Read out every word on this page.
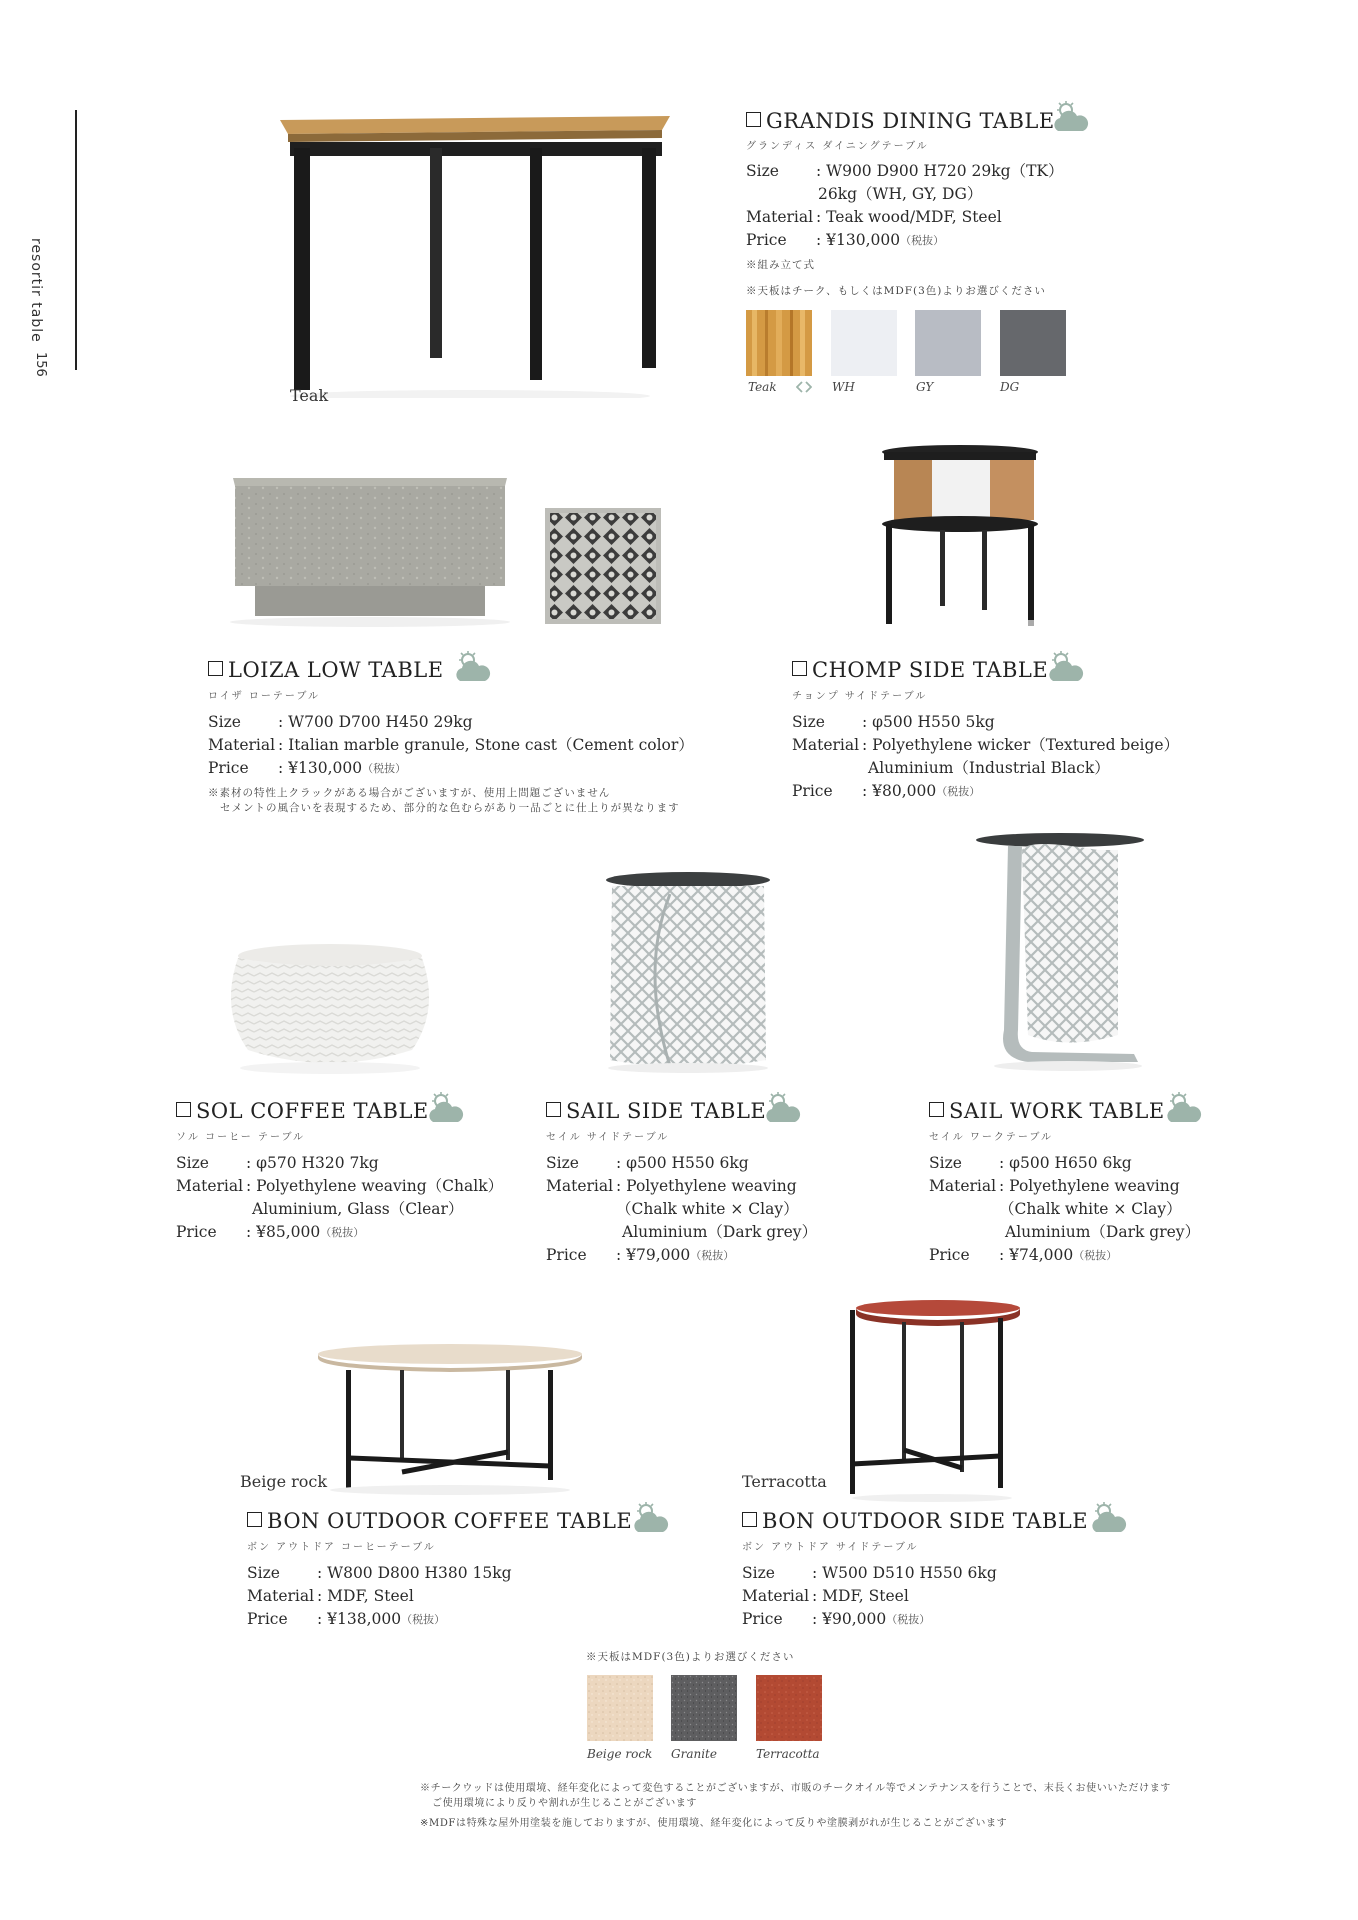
resortir table
156
Teak
GRANDIS DINING TABLE
グランディス ダイニングテーブル
Size	: W900 D900 H720 29kg（TK）
26kg（WH, GY, DG）
Material : Teak wood/MDF, Steel
Price	: ¥130,000 （税抜）
※組み立て式
※天板はチーク、もしくはMDF(3色)よりお選びください
Teak	WH	GY	DG
LOIZA LOW TABLE
ロイザ ローテーブル
Size	: W700 D700 H450 29kg
Material : Italian marble granule, Stone cast（Cement color）
Price	: ¥130,000 （税抜）
※素材の特性上クラックがある場合がございますが、使用上問題ございません
セメントの風合いを表現するため、部分的な色むらがあり一品ごとに仕上りが異なります
CHOMP SIDE TABLE
チョンプ サイドテーブル
Size	: φ500 H550 5kg
Material : Polyethylene wicker（Textured beige）
Aluminium（Industrial Black）
Price	: ¥80,000 （税抜）
SOL COFFEE TABLE
ソル コーヒー テーブル
Size	: φ570 H320 7kg
Material : Polyethylene weaving（Chalk）
Aluminium, Glass（Clear）
Price	: ¥85,000 （税抜）
SAIL SIDE TABLE
セイル サイドテーブル
Size	: φ500 H550 6kg
Material : Polyethylene weaving
（Chalk white × Clay）
Aluminium（Dark grey）
Price	: ¥79,000 （税抜）
SAIL WORK TABLE
セイル ワークテーブル
Size	: φ500 H650 6kg
Material : Polyethylene weaving
（Chalk white × Clay）
Aluminium（Dark grey）
Price	: ¥74,000 （税抜）
Beige rock
BON OUTDOOR COFFEE TABLE
ボン アウトドア コーヒーテーブル
Size	: W800 D800 H380 15kg
Material : MDF, Steel
Price	: ¥138,000 （税抜）
Terracotta
BON OUTDOOR SIDE TABLE
ボン アウトドア サイドテーブル
Size	: W500 D510 H550 6kg
Material : MDF, Steel
Price	: ¥90,000 （税抜）
※天板はMDF(3色)よりお選びください
Beige rock Granite	Terracotta
※チークウッドは使用環境、経年変化によって変色することがございますが、市販のチークオイル等でメンテナンスを行うことで、末長くお使いいただけます
ご使用環境により反りや割れが生じることがございます
※MDFは特殊な屋外用塗装を施しておりますが、使用環境、経年変化によって反りや塗膜剥がれが生じることがございます
